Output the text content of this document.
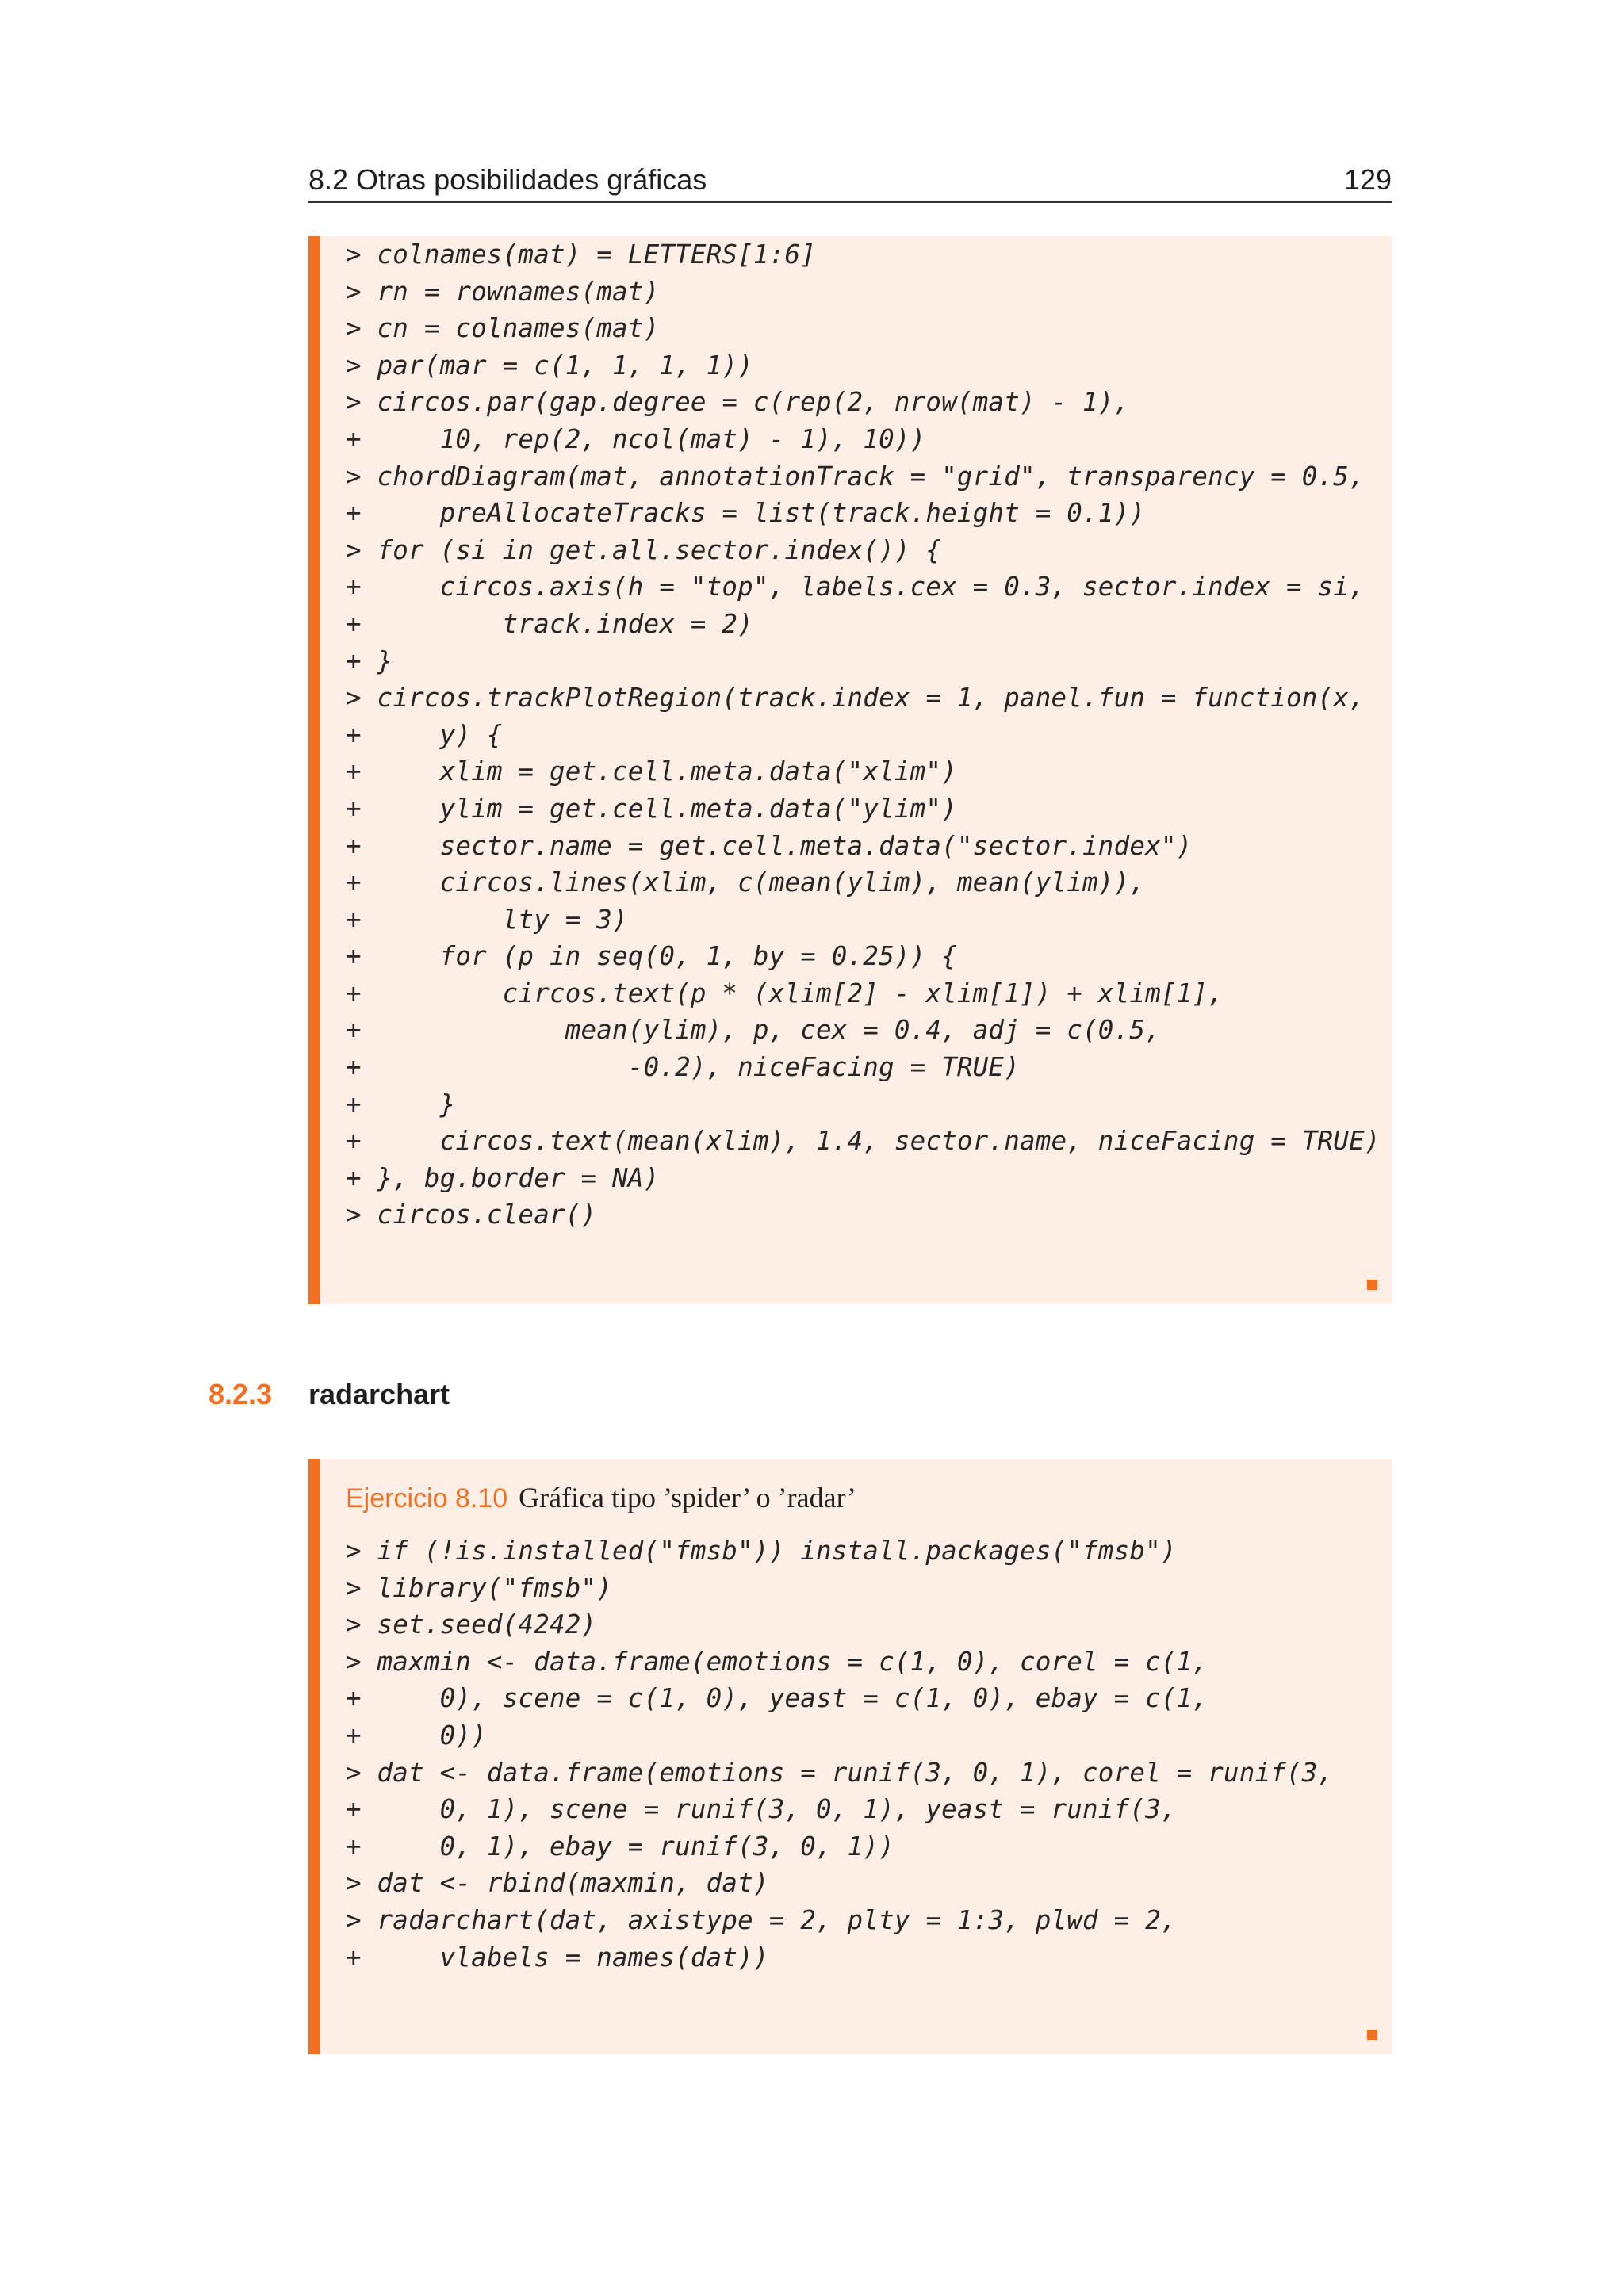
8.2 Otras posibilidades gráficas	129
> colnames(mat) = LETTERS[1:6]
> rn = rownames(mat)
> cn = colnames(mat)
> par(mar = c(1, 1, 1, 1))
> circos.par(gap.degree = c(rep(2, nrow(mat) - 1),
+     10, rep(2, ncol(mat) - 1), 10))
> chordDiagram(mat, annotationTrack = "grid", transparency = 0.5,
+     preAllocateTracks = list(track.height = 0.1))
> for (si in get.all.sector.index()) {
+     circos.axis(h = "top", labels.cex = 0.3, sector.index = si,
+         track.index = 2)
+ }
> circos.trackPlotRegion(track.index = 1, panel.fun = function(x,
+     y) {
+     xlim = get.cell.meta.data("xlim")
+     ylim = get.cell.meta.data("ylim")
+     sector.name = get.cell.meta.data("sector.index")
+     circos.lines(xlim, c(mean(ylim), mean(ylim)),
+         lty = 3)
+     for (p in seq(0, 1, by = 0.25)) {
+         circos.text(p * (xlim[2] - xlim[1]) + xlim[1],
+             mean(ylim), p, cex = 0.4, adj = c(0.5,
+                 -0.2), niceFacing = TRUE)
+     }
+     circos.text(mean(xlim), 1.4, sector.name, niceFacing = TRUE)
+ }, bg.border = NA)
> circos.clear()
8.2.3 radarchart
Ejercicio 8.10 Gráfica tipo ’spider’ o ’radar’
> if (!is.installed("fmsb")) install.packages("fmsb")
> library("fmsb")
> set.seed(4242)
> maxmin <- data.frame(emotions = c(1, 0), corel = c(1,
+     0), scene = c(1, 0), yeast = c(1, 0), ebay = c(1,
+     0))
> dat <- data.frame(emotions = runif(3, 0, 1), corel = runif(3,
+     0, 1), scene = runif(3, 0, 1), yeast = runif(3,
+     0, 1), ebay = runif(3, 0, 1))
> dat <- rbind(maxmin, dat)
> radarchart(dat, axistype = 2, plty = 1:3, plwd = 2,
+     vlabels = names(dat))
